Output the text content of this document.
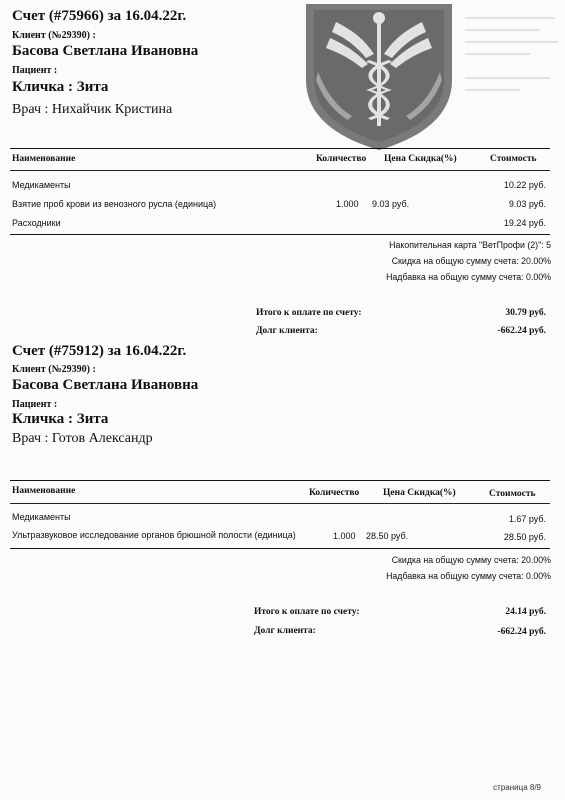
Счет (#75966) за 16.04.22г.
Клиент (№29390) :
Басова Светлана Ивановна
Пациент :
Кличка : Зита
Врач : Нихайчик Кристина
Наименование	Количество Цена Скидка(%)	Стоимость
Медикаменты	10.22 руб.
Взятие проб крови из венозного русла (единица)	1.000 9.03 руб.	9.03 руб.
Расходники	19.24 руб.
Накопительная карта "ВетПрофи (2)": 5
Скидка на общую сумму счета: 20.00%
Надбавка на общую сумму счета: 0.00%
Итого к оплате по счету:	30.79 руб.
Долг клиента:	-662.24 руб.
Счет (#75912) за 16.04.22г.
Клиент (№29390) :
Басова Светлана Ивановна
Пациент :
Кличка : Зита
Врач : Готов Александр
Наименование	Количество	Цена Скидка(%)	Стоимость
Медикаменты	1.67 руб.
Ультразвуковое исследование органов брюшной полости (единица)	1.000 28.50 руб.	28.50 руб.
Скидка на общую сумму счета: 20.00%
Надбавка на общую сумму счета: 0.00%
Итого к оплате по счету:	24.14 руб.
Долг клиента:	-662.24 руб.
страница 8/9
